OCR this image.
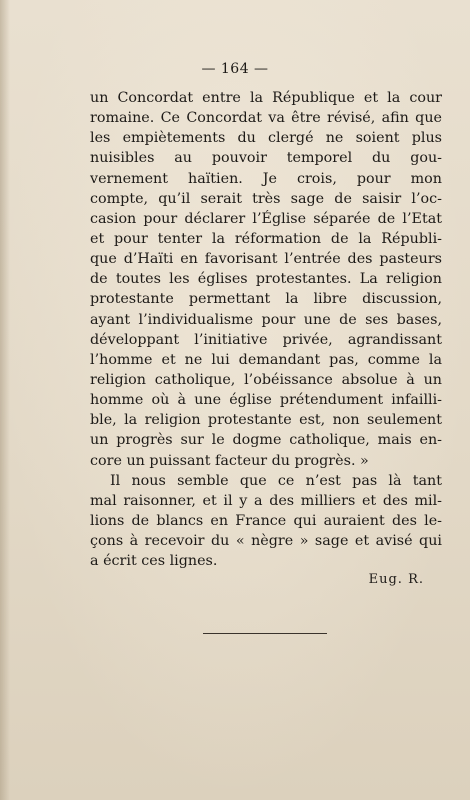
— 164 —
un Concordat entre la République et la cour
romaine. Ce Concordat va être révisé, afin que
les empiètements du clergé ne soient plus
nuisibles au pouvoir temporel du gou-
vernement haïtien. Je crois, pour mon
compte, qu’il serait très sage de saisir l’oc-
casion pour déclarer l’Église séparée de l’Etat
et pour tenter la réformation de la Républi-
que d’Haïti en favorisant l’entrée des pasteurs
de toutes les églises protestantes. La religion
protestante permettant la libre discussion,
ayant l’individualisme pour une de ses bases,
développant l’initiative privée, agrandissant
l’homme et ne lui demandant pas, comme la
religion catholique, l’obéissance absolue à un
homme où à une église prétendument infailli-
ble, la religion protestante est, non seulement
un progrès sur le dogme catholique, mais en-
core un puissant facteur du progrès. »
Il nous semble que ce n’est pas là tant
mal raisonner, et il y a des milliers et des mil-
lions de blancs en France qui auraient des le-
çons à recevoir du « nègre » sage et avisé qui
a écrit ces lignes.
Eug. R.
